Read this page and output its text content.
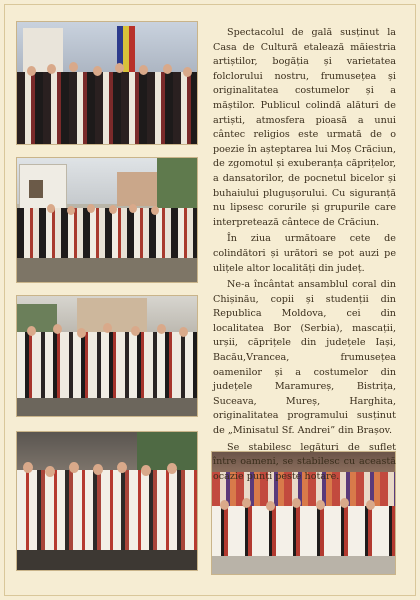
Spectacolul de gală susținut la Casa de Cultură etalează măiestria artiștilor, bogăția și varietatea folclorului nostru, frumusețea și originalitatea costumelor și a măștilor. Publicul colindă alături de artiști, atmosfera pioasă a unui cântec religios este urmată de o poezie în așteptarea lui Moș Crăciun, de zgomotul și exuberanța căprițelor, a dansatorilor, de pocnetul bicelor și buhaiului plugușorului. Cu siguranță nu lipsesc corurile și grupurile care interpretează cântece de Crăciun.

În ziua următoare cete de colindători și urători se pot auzi pe ulițele altor localități din județ.

Ne-a încântat ansamblul coral din Chișinău, copii și studenții din Republica Moldova, cei din localitatea Bor (Serbia), mascații, urșii, căprițele din județele Iași, Bacău,Vrancea, frumusețea oamenilor și a costumelor din județele Maramureș, Bistrița, Suceava, Mureș, Harghita, originalitatea programului susținut de „Minisatul Sf. Andrei” din Brașov.

Se stabilesc legături de suflet între oameni, se stabilesc cu această ocazie punți peste hotare.
